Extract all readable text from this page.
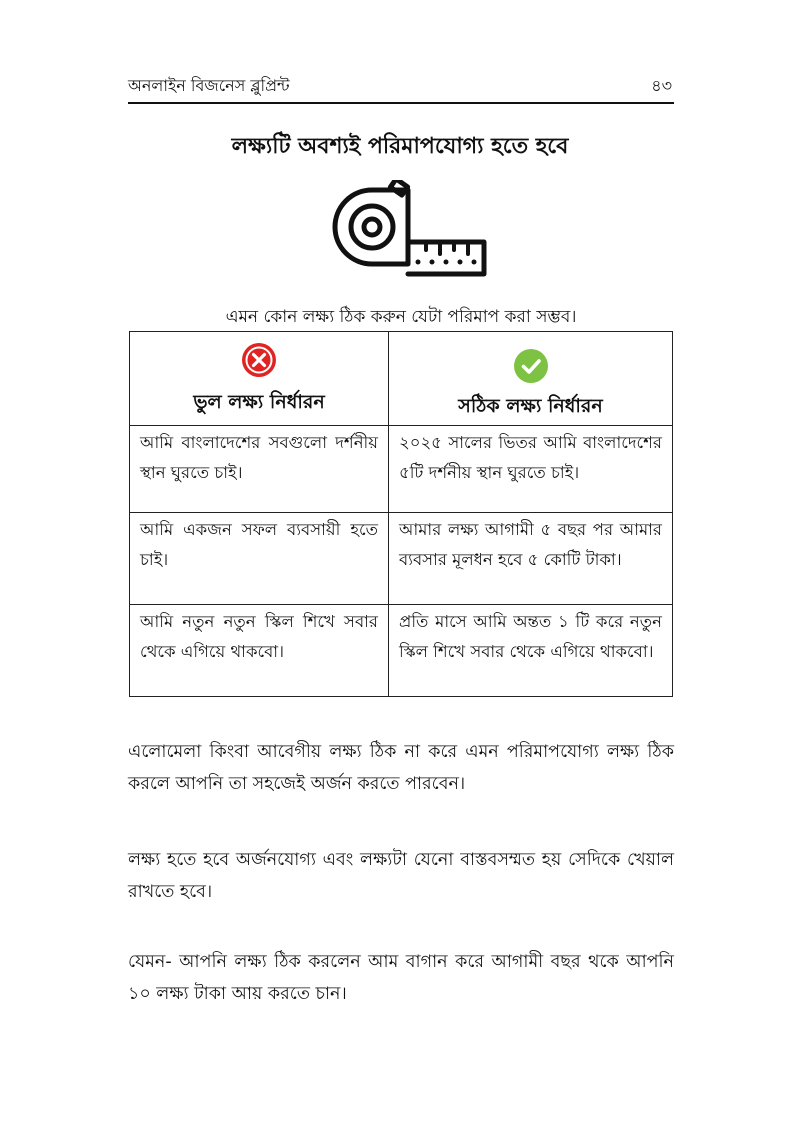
অনলাইন বিজনেস ব্লুপ্রিন্ট	৪৩
লক্ষ্যটি অবশ্যই পরিমাপযোগ্য হতে হবে
এমন কোন লক্ষ্য ঠিক করুন যেটা পরিমাপ করা সম্ভব।
ভুল লক্ষ্য নির্ধারন	সঠিক লক্ষ্য নির্ধারন

আমি বাংলাদেশের সবগুলো দর্শনীয় স্থান ঘুরতে চাই।	২০২৫ সালের ভিতর আমি বাংলাদেশের ৫টি দর্শনীয় স্থান ঘুরতে চাই।

আমি একজন সফল ব্যবসায়ী হতে চাই।	আমার লক্ষ্য আগামী ৫ বছর পর আমার ব্যবসার মূলধন হবে ৫ কোটি টাকা।

আমি নতুন নতুন স্কিল শিখে সবার থেকে এগিয়ে থাকবো।	প্রতি মাসে আমি অন্তত ১ টি করে নতুন স্কিল শিখে সবার থেকে এগিয়ে থাকবো।

এলোমেলা কিংবা আবেগীয় লক্ষ্য ঠিক না করে এমন পরিমাপযোগ্য লক্ষ্য ঠিক করলে আপনি তা সহজেই অর্জন করতে পারবেন।

লক্ষ্য হতে হবে অর্জনযোগ্য এবং লক্ষ্যটা যেনো বাস্তবসম্মত হয় সেদিকে খেয়াল রাখতে হবে।

যেমন- আপনি লক্ষ্য ঠিক করলেন আম বাগান করে আগামী বছর থকে আপনি ১০ লক্ষ্য টাকা আয় করতে চান।
